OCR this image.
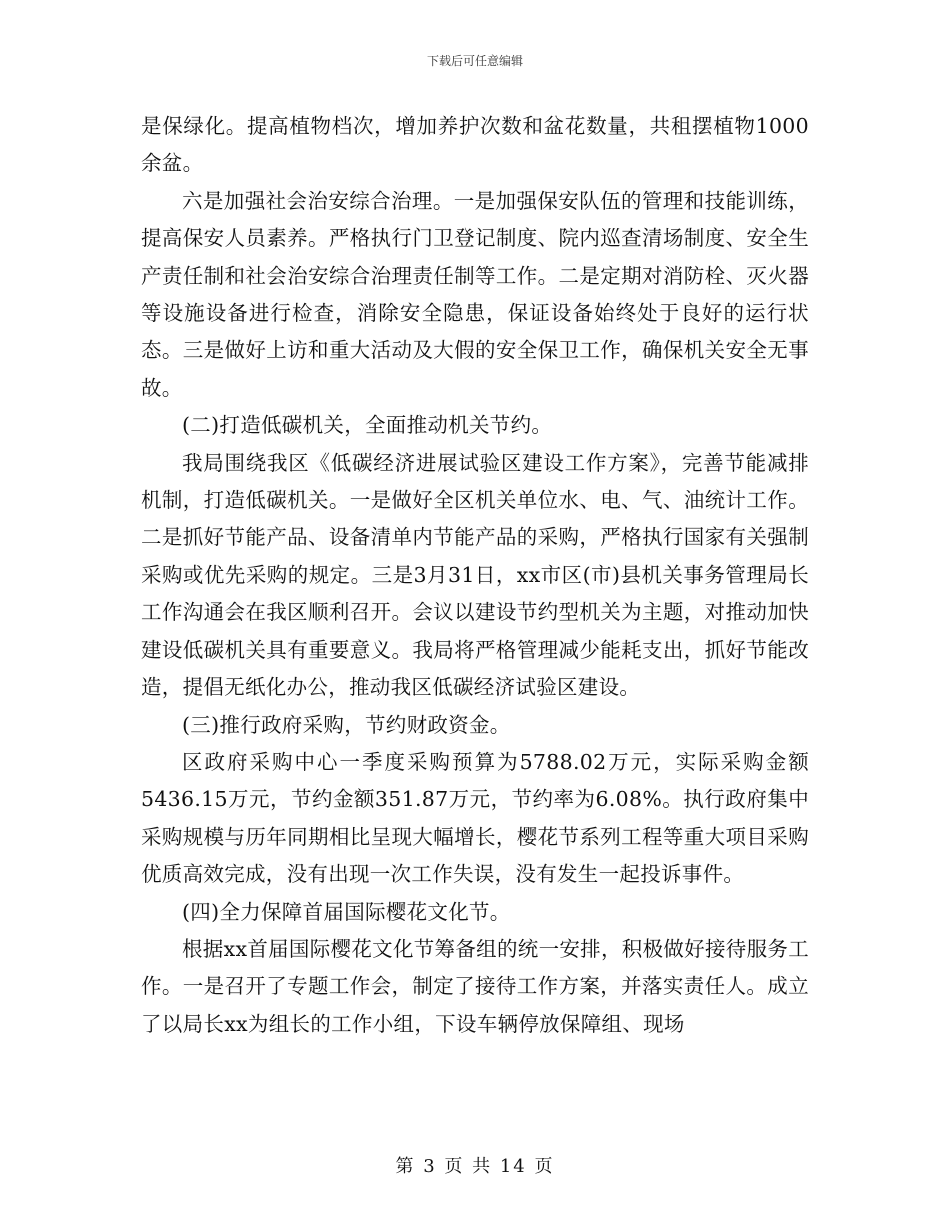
下载后可任意编辑

是保绿化。提高植物档次，增加养护次数和盆花数量，共租摆植物1000余盆。

六是加强社会治安综合治理。一是加强保安队伍的管理和技能训练，提高保安人员素养。严格执行门卫登记制度、院内巡查清场制度、安全生产责任制和社会治安综合治理责任制等工作。二是定期对消防栓、灭火器等设施设备进行检查，消除安全隐患，保证设备始终处于良好的运行状态。三是做好上访和重大活动及大假的安全保卫工作，确保机关安全无事故。

(二)打造低碳机关，全面推动机关节约。

我局围绕我区《低碳经济进展试验区建设工作方案》，完善节能减排机制，打造低碳机关。一是做好全区机关单位水、电、气、油统计工作。二是抓好节能产品、设备清单内节能产品的采购，严格执行国家有关强制采购或优先采购的规定。三是3月31日，xx市区(市)县机关事务管理局长工作沟通会在我区顺利召开。会议以建设节约型机关为主题，对推动加快建设低碳机关具有重要意义。我局将严格管理减少能耗支出，抓好节能改造，提倡无纸化办公，推动我区低碳经济试验区建设。

(三)推行政府采购，节约财政资金。

区政府采购中心一季度采购预算为5788.02万元，实际采购金额5436.15万元，节约金额351.87万元，节约率为6.08%。执行政府集中采购规模与历年同期相比呈现大幅增长，樱花节系列工程等重大项目采购优质高效完成，没有出现一次工作失误，没有发生一起投诉事件。

(四)全力保障首届国际樱花文化节。

根据xx首届国际樱花文化节筹备组的统一安排，积极做好接待服务工作。一是召开了专题工作会，制定了接待工作方案，并落实责任人。成立了以局长xx为组长的工作小组，下设车辆停放保障组、现场

第 3 页 共 14 页
